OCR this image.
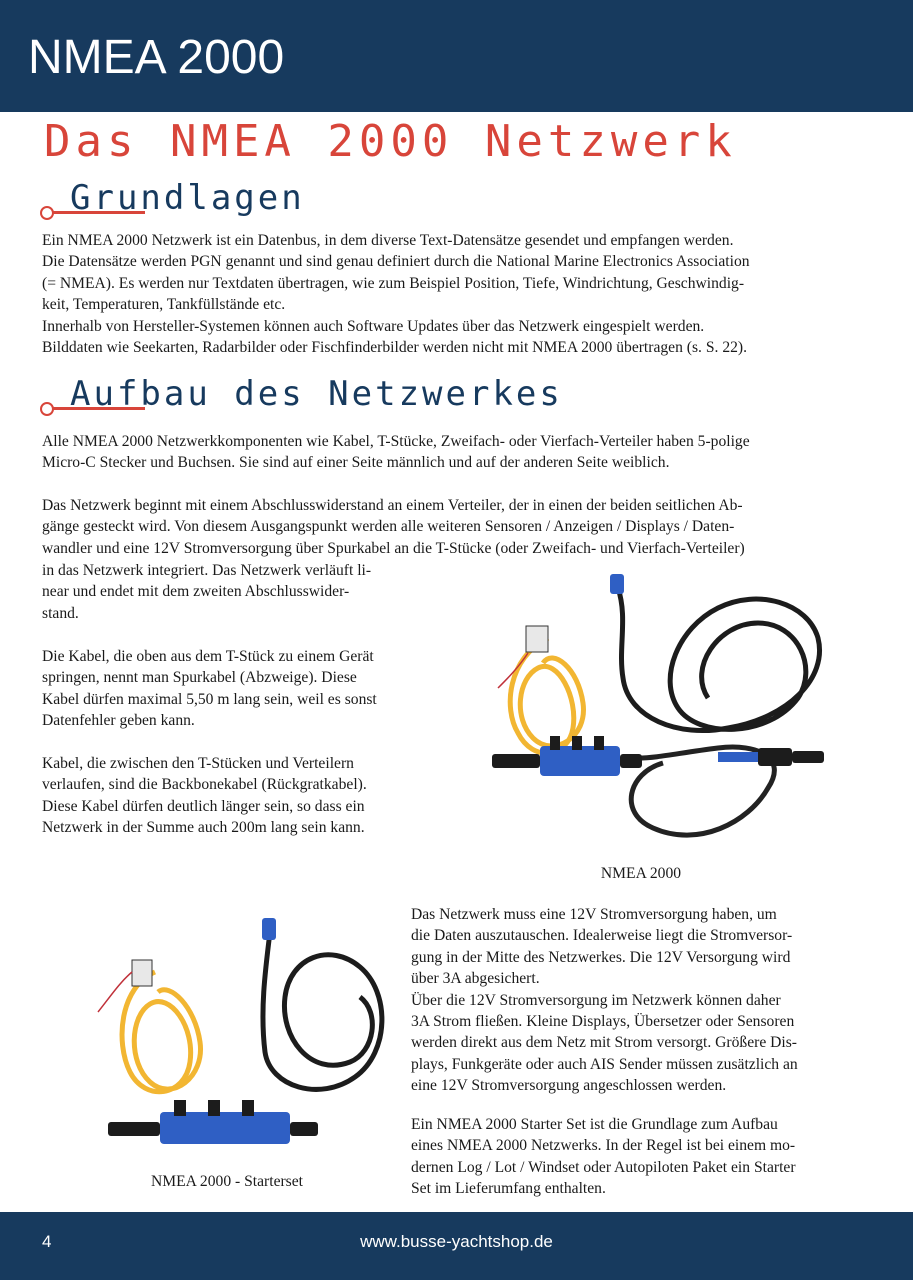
NMEA 2000
Das NMEA 2000 Netzwerk
Grundlagen
Ein NMEA 2000 Netzwerk ist ein Datenbus, in dem diverse Text-Datensätze gesendet und empfangen werden.
Die Datensätze werden PGN genannt und sind genau definiert durch die National Marine Electronics Association
(= NMEA). Es werden nur Textdaten übertragen, wie zum Beispiel Position, Tiefe, Windrichtung, Geschwindig-
keit, Temperaturen, Tankfüllstände etc.
Innerhalb von Hersteller-Systemen können auch Software Updates über das Netzwerk eingespielt werden.
Bilddaten wie Seekarten, Radarbilder oder Fischfinderbilder werden nicht mit NMEA 2000 übertragen (s. S. 22).
Aufbau des Netzwerkes
Alle NMEA 2000 Netzwerkkomponenten wie Kabel, T-Stücke, Zweifach- oder Vierfach-Verteiler haben 5-polige
Micro-C Stecker und Buchsen. Sie sind auf einer Seite männlich und auf der anderen Seite weiblich.
Das Netzwerk beginnt mit einem Abschlusswiderstand an einem Verteiler, der in einen der beiden seitlichen Ab-
gänge gesteckt wird. Von diesem Ausgangspunkt werden alle weiteren Sensoren / Anzeigen / Displays / Daten-
wandler und eine 12V Stromversorgung über Spurkabel an die T-Stücke (oder Zweifach- und Vierfach-Verteiler)
in das Netzwerk integriert. Das Netzwerk verläuft li-
near und endet mit dem zweiten Abschlusswider-
stand.
Die Kabel, die oben aus dem T-Stück zu einem Gerät
springen, nennt man Spurkabel (Abzweige). Diese
Kabel dürfen maximal 5,50 m lang sein, weil es sonst
Datenfehler geben kann.
Kabel, die zwischen den T-Stücken und Verteilern
verlaufen, sind die Backbonekabel (Rückgratkabel).
Diese Kabel dürfen deutlich länger sein, so dass ein
Netzwerk in der Summe auch 200m lang sein kann.
NMEA 2000
NMEA 2000 - Starterset
Das Netzwerk muss eine 12V Stromversorgung haben, um
die Daten auszutauschen. Idealerweise liegt die Stromversor-
gung in der Mitte des Netzwerkes. Die 12V Versorgung wird
über 3A abgesichert.
Über die 12V Stromversorgung im Netzwerk können daher
3A Strom fließen. Kleine Displays, Übersetzer oder Sensoren
werden direkt aus dem Netz mit Strom versorgt. Größere Dis-
plays, Funkgeräte oder auch AIS Sender müssen zusätzlich an
eine 12V Stromversorgung angeschlossen werden.
Ein NMEA 2000 Starter Set ist die Grundlage zum Aufbau
eines NMEA 2000 Netzwerks. In der Regel ist bei einem mo-
dernen Log / Lot / Windset oder Autopiloten Paket ein Starter
Set im Lieferumfang enthalten.
4	www.busse-yachtshop.de
